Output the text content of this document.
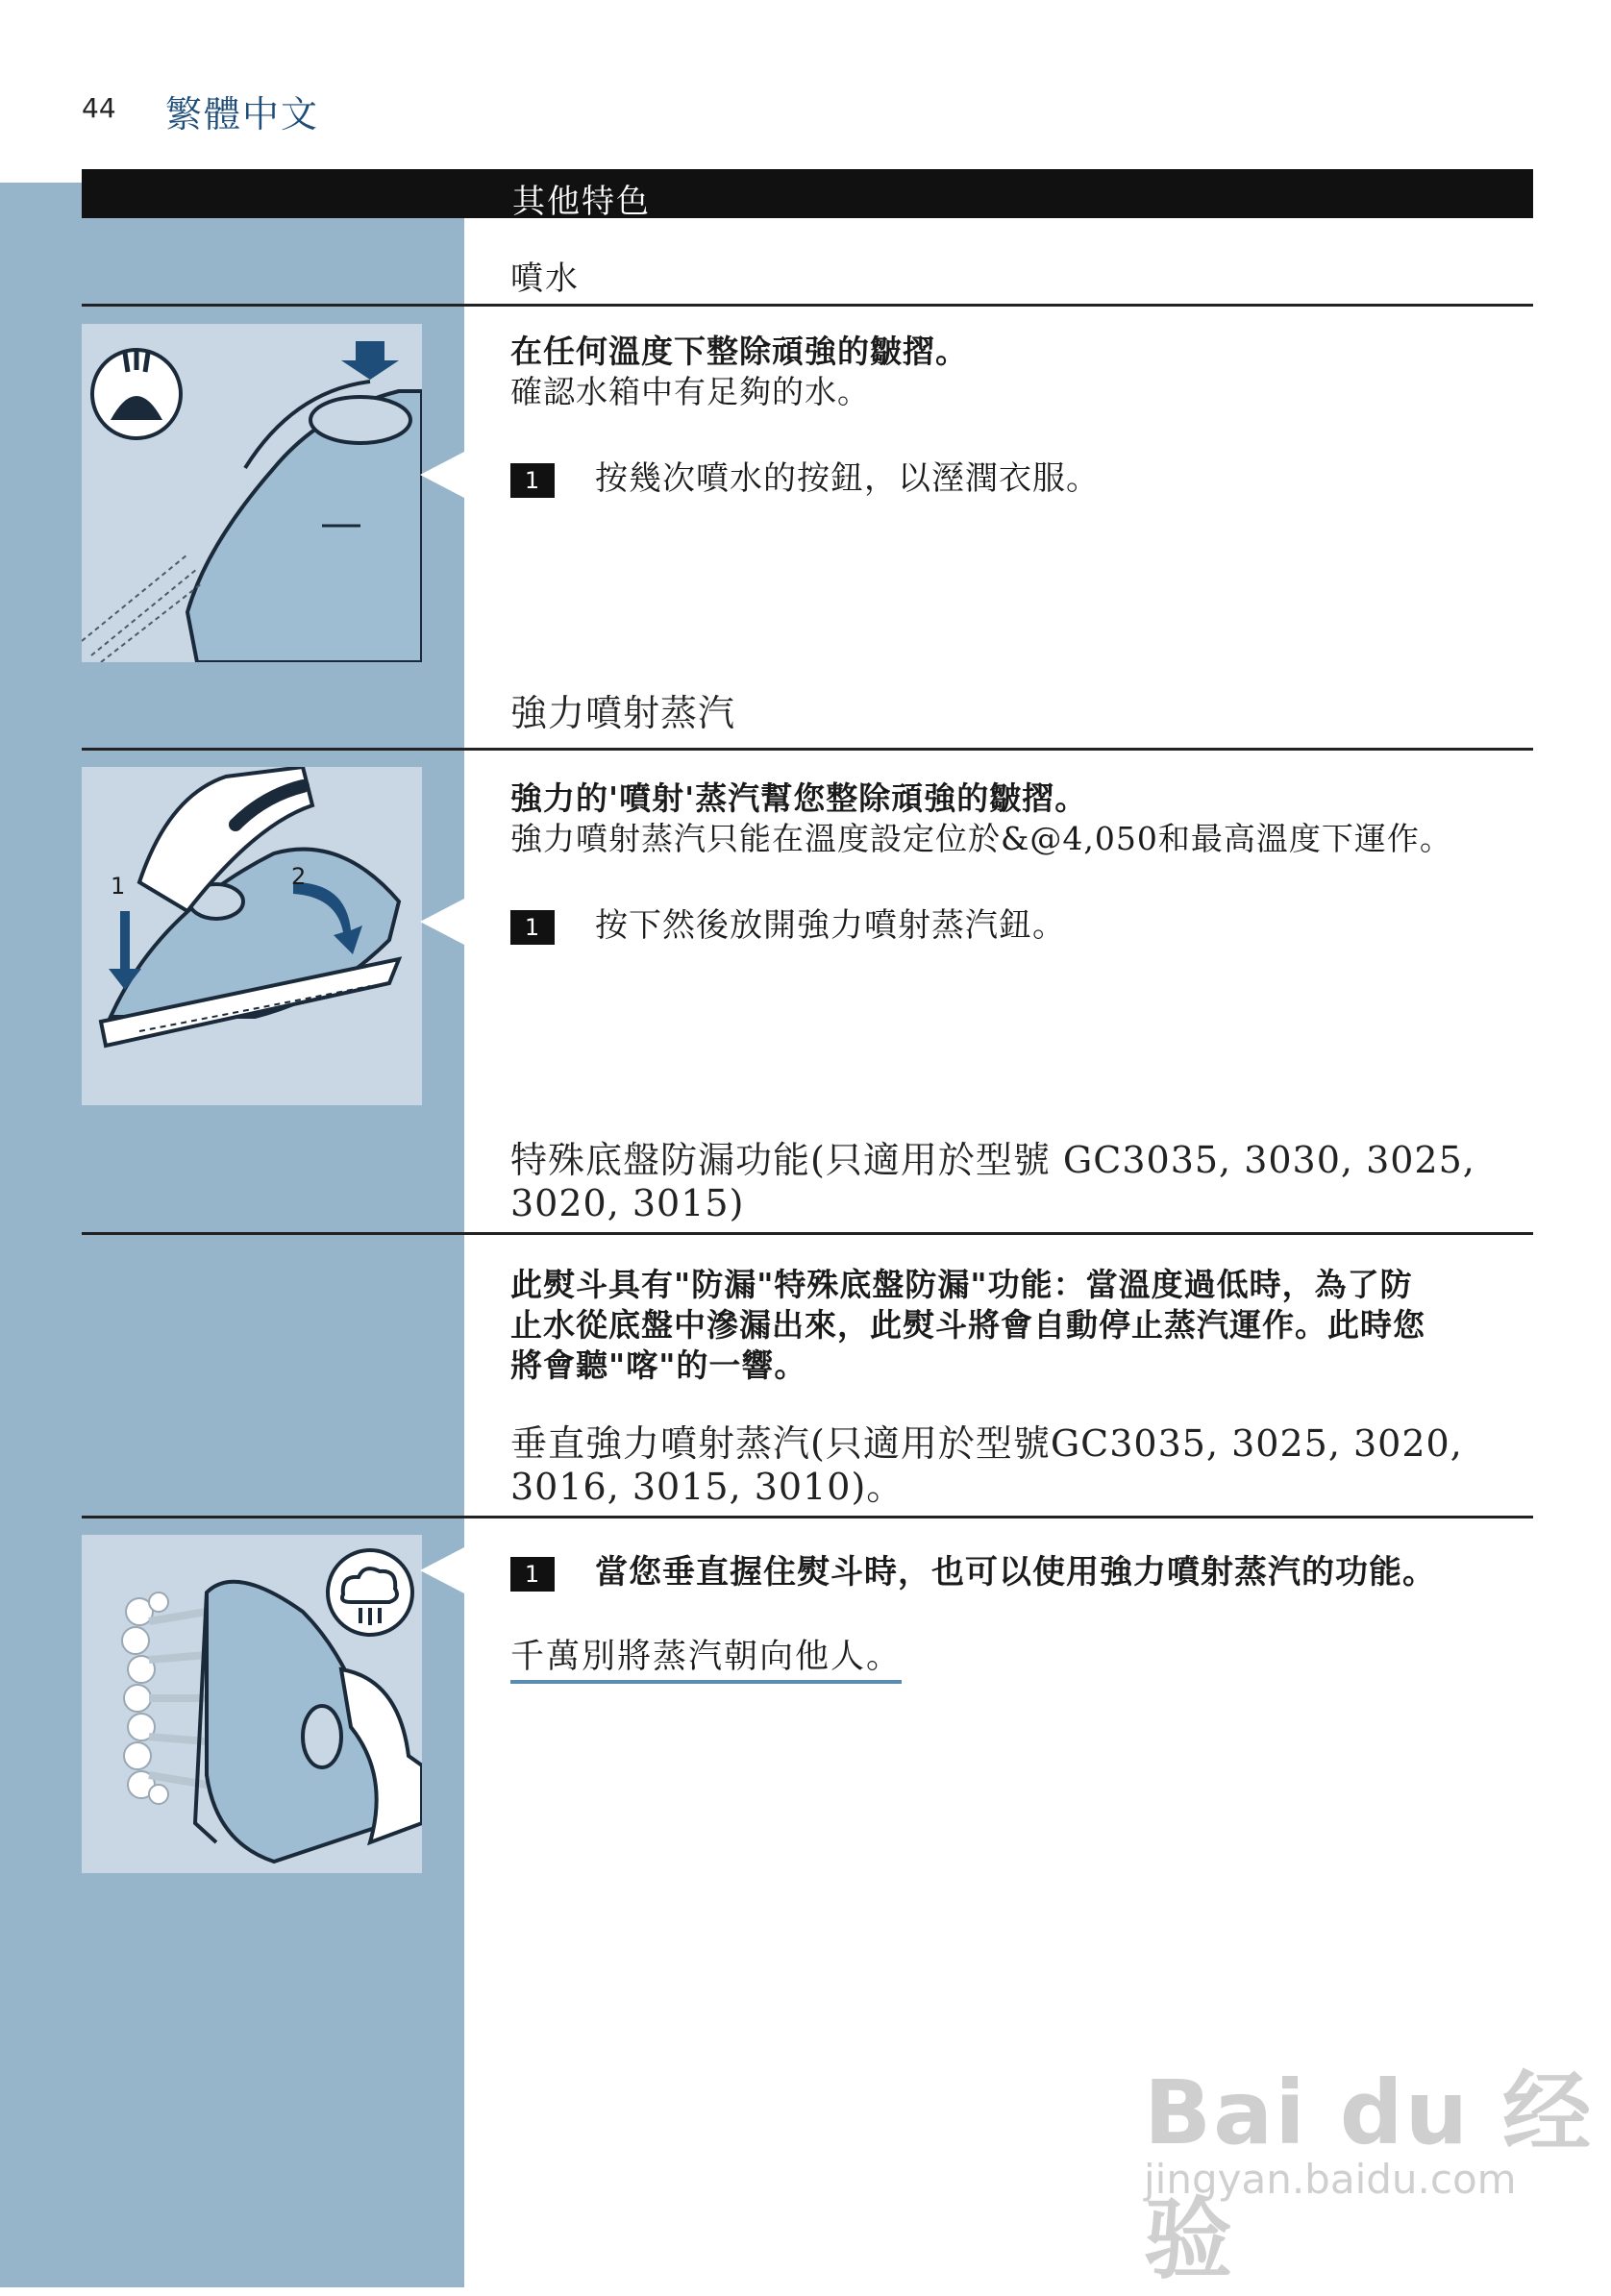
44 繁體中文
其他特色
噴水
在任何溫度下整除頑強的皺摺。
確認水箱中有足夠的水。
1 按幾次噴水的按鈕，以溼潤衣服。
強力噴射蒸汽
1	2
強力的'噴射'蒸汽幫您整除頑強的皺摺。
強力噴射蒸汽只能在溫度設定位於&@4,050和最高溫度下運作。
1 按下然後放開強力噴射蒸汽鈕。
特殊底盤防漏功能(只適用於型號 GC3035, 3030, 3025,
3020, 3015)
此熨斗具有"防漏"特殊底盤防漏"功能：當溫度過低時，為了防
止水從底盤中滲漏出來，此熨斗將會自動停止蒸汽運作。此時您
將會聽"喀"的一響。
垂直強力噴射蒸汽(只適用於型號GC3035, 3025, 3020,
3016, 3015, 3010)。
1 當您垂直握住熨斗時，也可以使用強力噴射蒸汽的功能。
千萬別將蒸汽朝向他人。
Bai du 经验
jingyan.baidu.com
